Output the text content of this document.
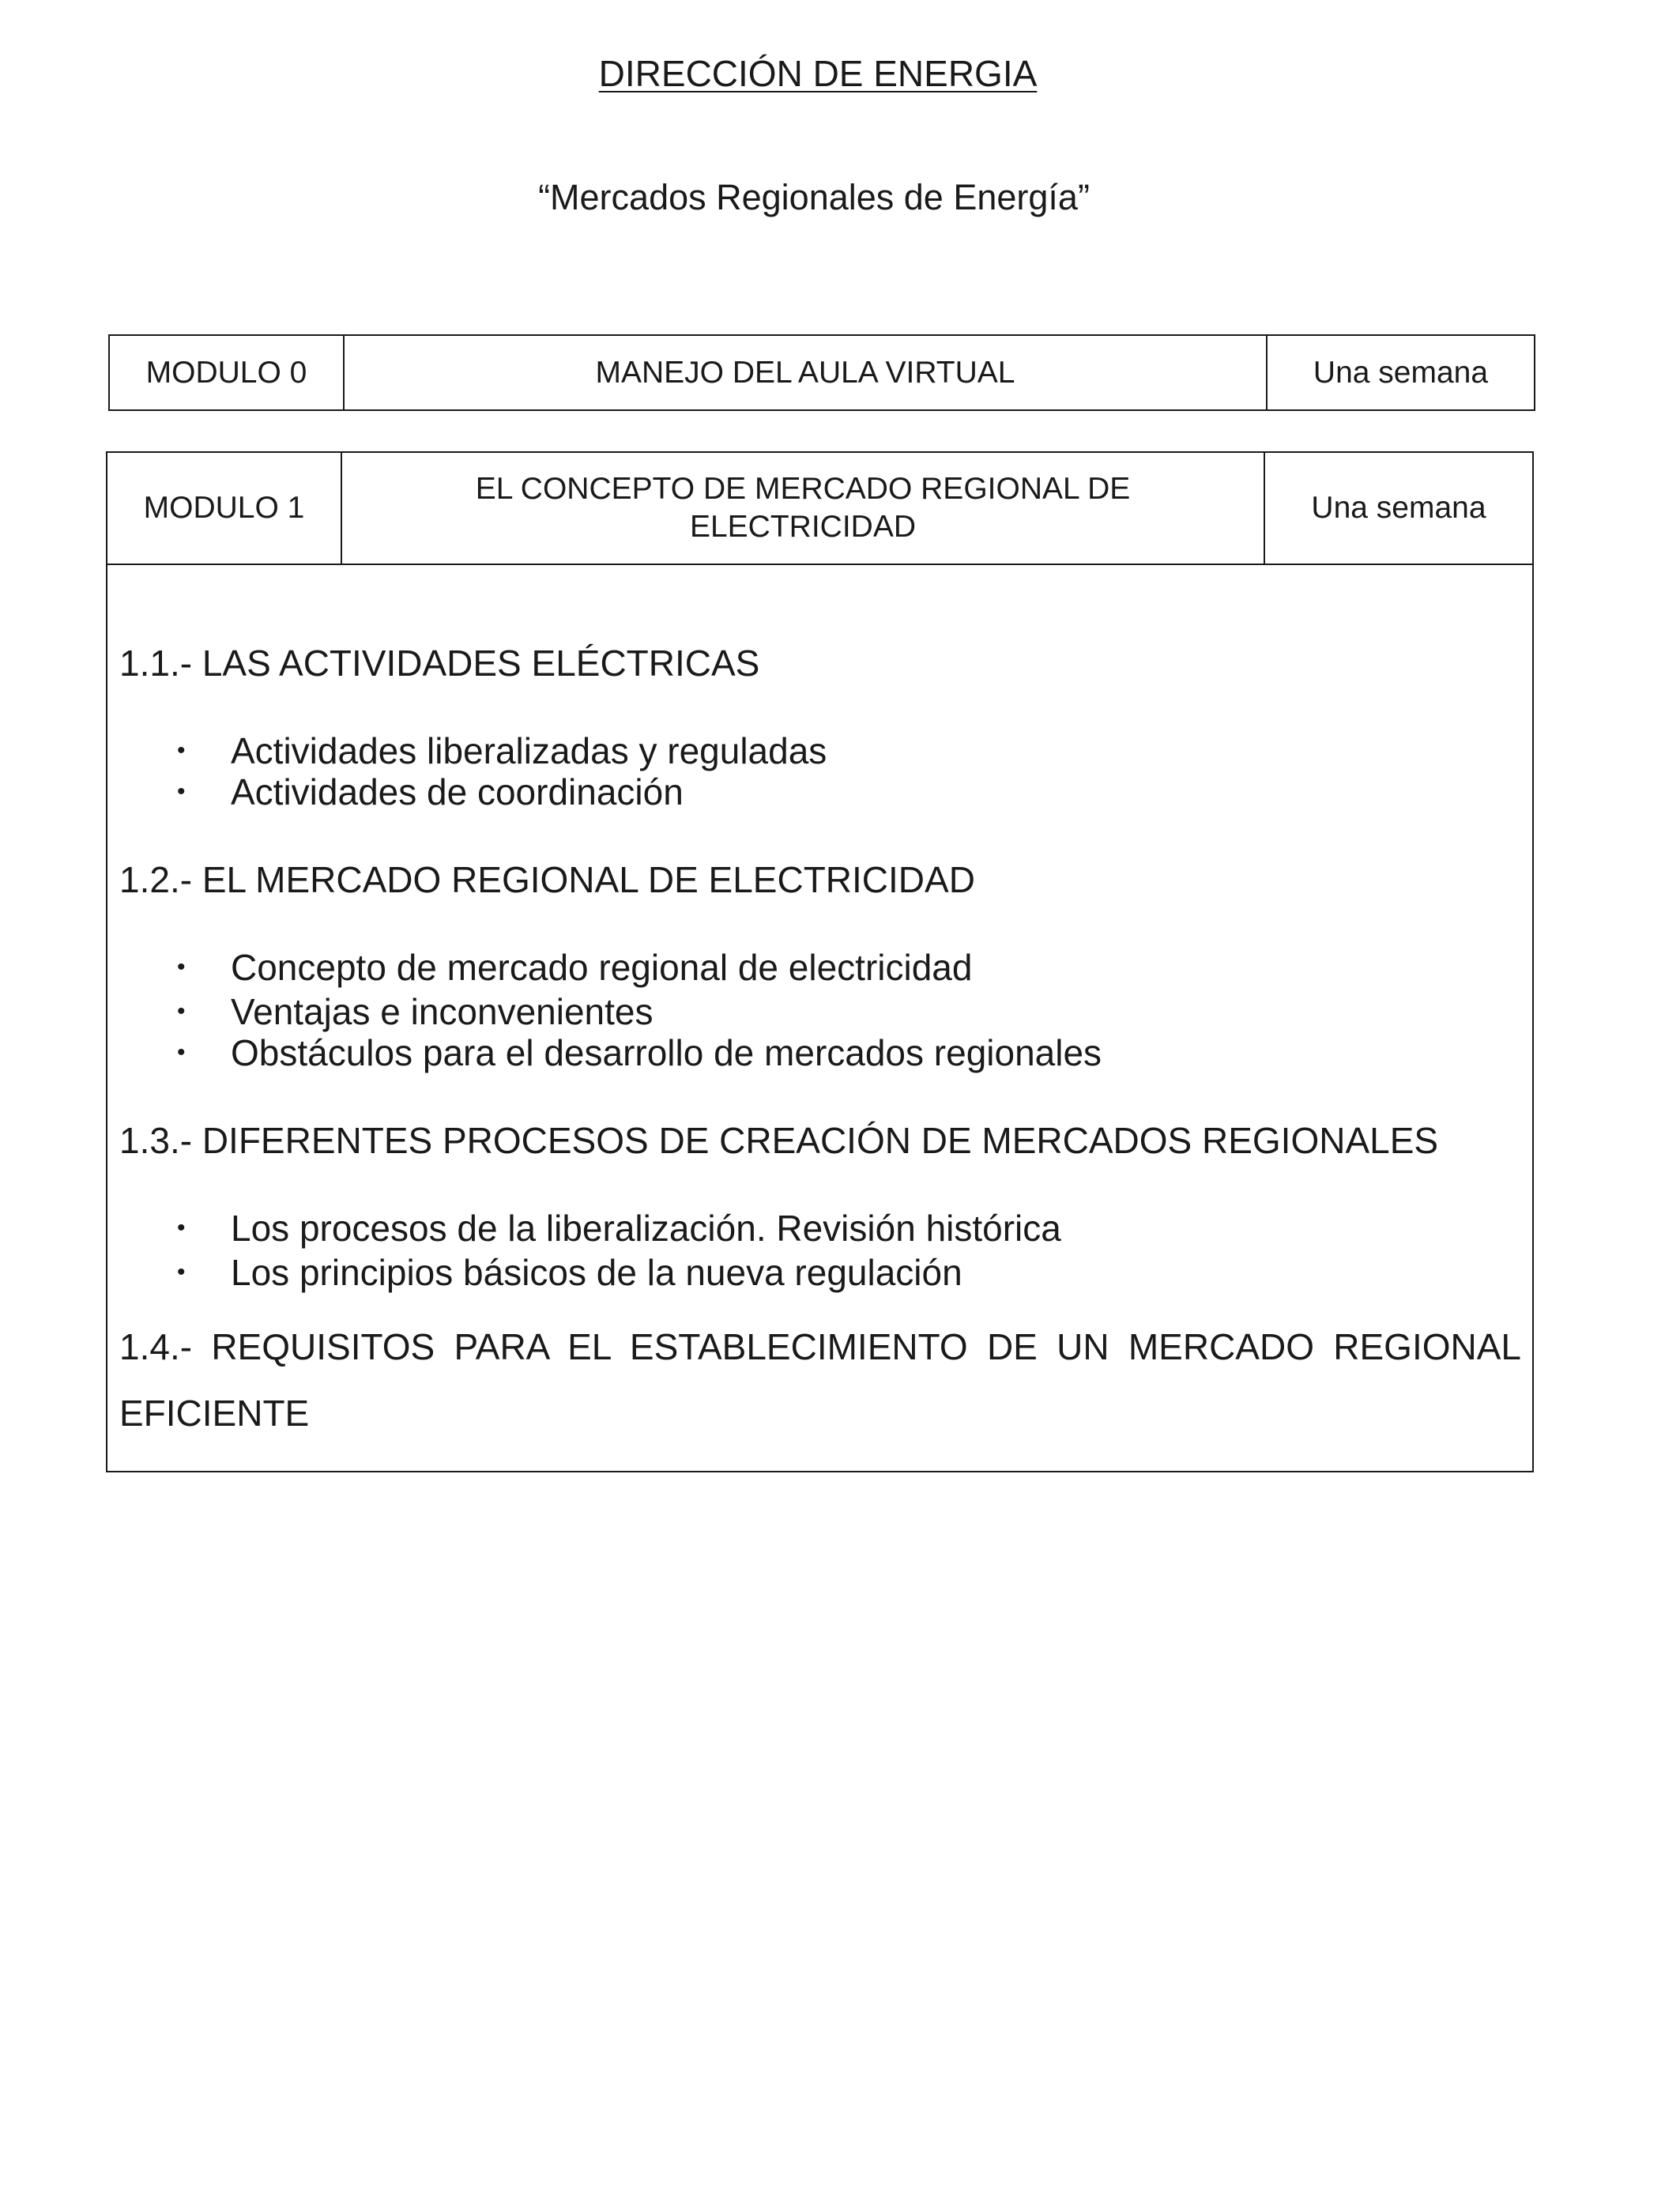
DIRECCIÓN DE ENERGIA
“Mercados Regionales de Energía”
MODULO 0	MANEJO DEL AULA VIRTUAL	Una semana
MODULO 1	EL CONCEPTO DE MERCADO REGIONAL DE ELECTRICIDAD	Una semana

1.1.- LAS ACTIVIDADES ELÉCTRICAS

• Actividades liberalizadas y reguladas
• Actividades de coordinación

1.2.- EL MERCADO REGIONAL DE ELECTRICIDAD

• Concepto de mercado regional de electricidad
• Ventajas e inconvenientes
• Obstáculos para el desarrollo de mercados regionales

1.3.- DIFERENTES PROCESOS DE CREACIÓN DE MERCADOS REGIONALES

• Los procesos de la liberalización. Revisión histórica
• Los principios básicos de la nueva regulación

1.4.- REQUISITOS PARA EL ESTABLECIMIENTO DE UN MERCADO REGIONAL EFICIENTE
